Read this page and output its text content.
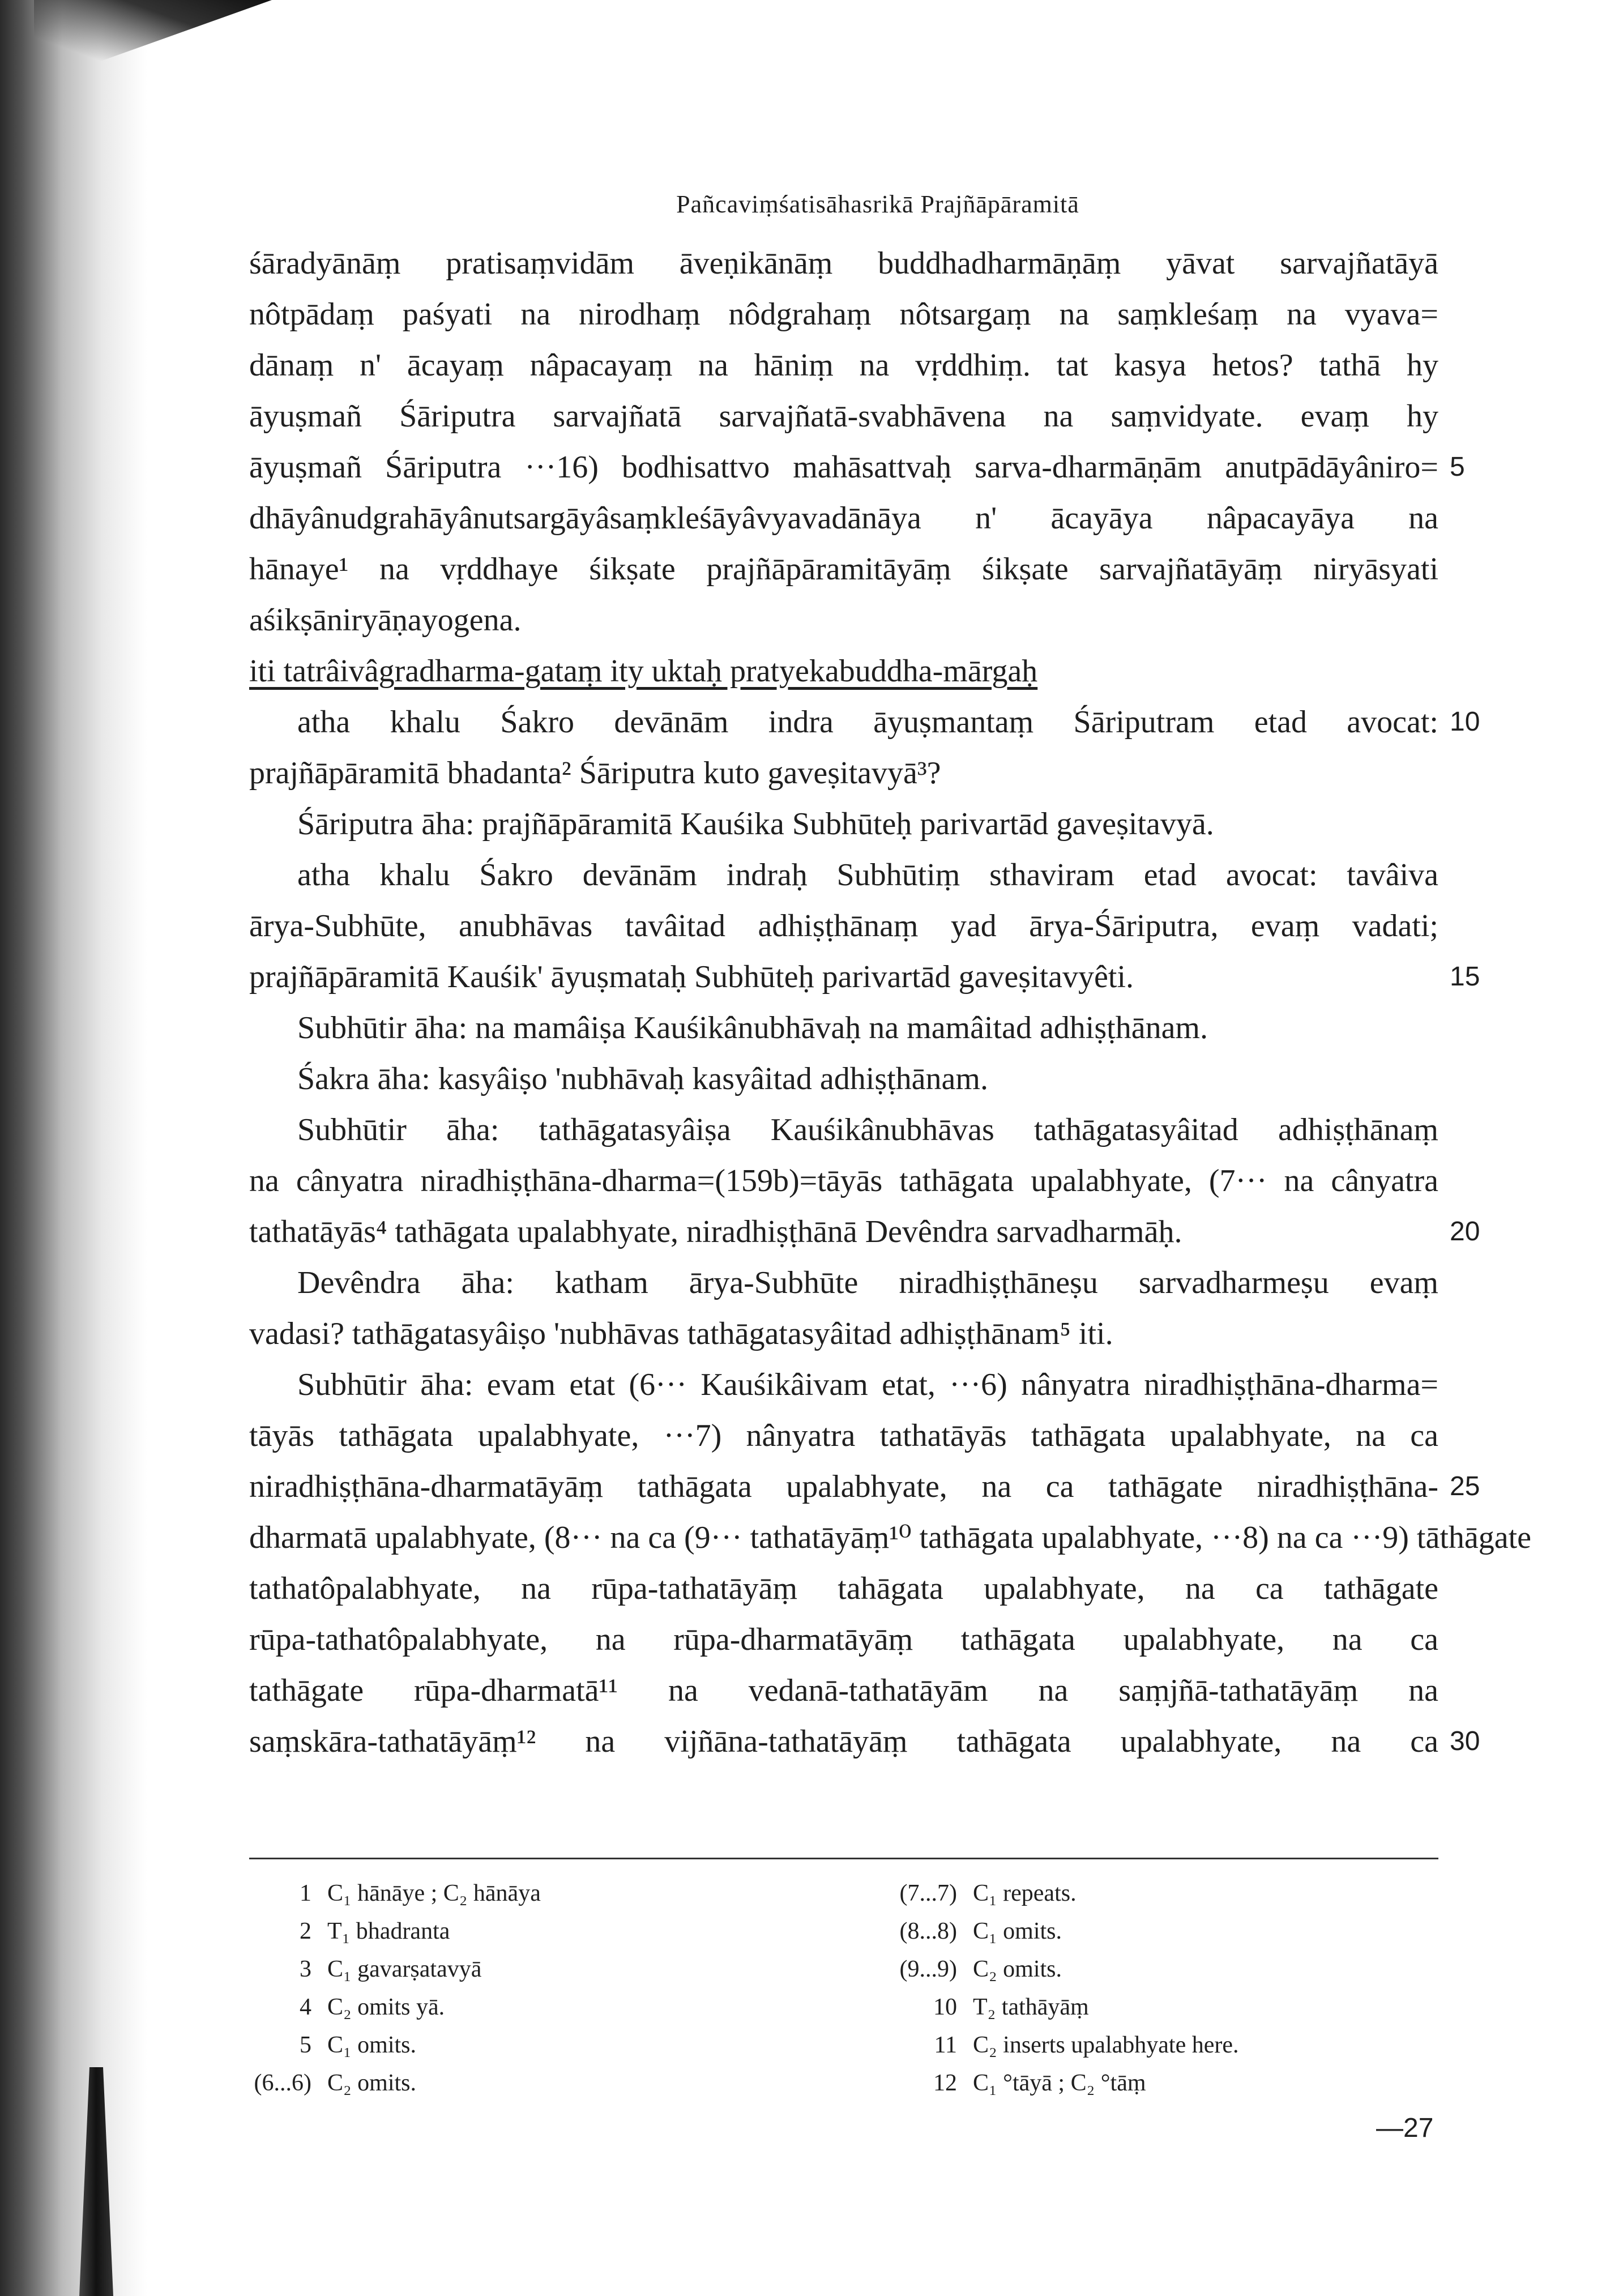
Pañcaviṃśatisāhasrikā Prajñāpāramitā
śāradyānāṃ pratisaṃvidām āveṇikānāṃ buddhadharmāṇāṃ yāvat sarvajñatāyā
nôtpādaṃ paśyati na nirodhaṃ nôdgrahaṃ nôtsargaṃ na saṃkleśaṃ na vyava=
dānaṃ n' ācayaṃ nâpacayaṃ na hāniṃ na vṛddhiṃ. tat kasya hetos? tathā hy
āyuṣmañ Śāriputra sarvajñatā sarvajñatā-svabhāvena na saṃvidyate. evaṃ hy
āyuṣmañ Śāriputra ···16) bodhisattvo mahāsattvaḥ sarva-dharmāṇām anutpādāyâniro= 5
dhāyânudgrahāyânutsargāyâsaṃkleśāyâvyavadānāya n' ācayāya nâpacayāya na
hānaye¹ na vṛddhaye śikṣate prajñāpāramitāyāṃ śikṣate sarvajñatāyāṃ niryāsyati
aśikṣāniryāṇayogena.
iti tatrâivâgradharma-gataṃ ity uktaḥ pratyekabuddha-mārgaḥ
atha khalu Śakro devānām indra āyuṣmantaṃ Śāriputram etad avocat: 10
prajñāpāramitā bhadanta² Śāriputra kuto gaveṣitavyā³?
Śāriputra āha: prajñāpāramitā Kauśika Subhūteḥ parivartād gaveṣitavyā.
atha khalu Śakro devānām indraḥ Subhūtiṃ sthaviram etad avocat: tavâiva
ārya-Subhūte, anubhāvas tavâitad adhiṣṭhānaṃ yad ārya-Śāriputra, evaṃ vadati;
prajñāpāramitā Kauśik' āyuṣmataḥ Subhūteḥ parivartād gaveṣitavyêti.	15
Subhūtir āha: na mamâiṣa Kauśikânubhāvaḥ na mamâitad adhiṣṭhānam.
Śakra āha: kasyâiṣo 'nubhāvaḥ kasyâitad adhiṣṭhānam.
Subhūtir āha: tathāgatasyâiṣa Kauśikânubhāvas tathāgatasyâitad adhiṣṭhānaṃ
na cânyatra niradhiṣṭhāna-dharma=(159b)=tāyās tathāgata upalabhyate, (7··· na cânyatra
tathatāyās⁴ tathāgata upalabhyate, niradhiṣṭhānā Devêndra sarvadharmāḥ.	20
Devêndra āha: katham ārya-Subhūte niradhiṣṭhāneṣu sarvadharmeṣu evaṃ
vadasi? tathāgatasyâiṣo 'nubhāvas tathāgatasyâitad adhiṣṭhānam⁵ iti.
Subhūtir āha: evam etat (6··· Kauśikâivam etat, ···6) nânyatra niradhiṣṭhāna-dharma=
tāyās tathāgata upalabhyate, ···7) nânyatra tathatāyās tathāgata upalabhyate, na ca
niradhiṣṭhāna-dharmatāyāṃ tathāgata upalabhyate, na ca tathāgate niradhiṣṭhāna- 25
dharmatā upalabhyate, (8··· na ca (9··· tathatāyāṃ¹⁰ tathāgata upalabhyate, ···8) na ca ···9) tāthāgate
tathatôpalabhyate, na rūpa-tathatāyāṃ tahāgata upalabhyate, na ca tathāgate
rūpa-tathatôpalabhyate, na rūpa-dharmatāyāṃ tathāgata upalabhyate, na ca
tathāgate rūpa-dharmatā¹¹ na vedanā-tathatāyām na saṃjñā-tathatāyāṃ na
saṃskāra-tathatāyāṃ¹² na vijñāna-tathatāyāṃ tathāgata upalabhyate, na ca 30
1 C₁ hānāye ; C₂ hānāya
2 T₁ bhadranta
3 C₁ gavarṣatavyā
4 C₂ omits yā.
5 C₁ omits.
(6...6) C₂ omits.
(7...7) C₁ repeats.
(8...8) C₁ omits.
(9...9) C₂ omits.
10 T₂ tathāyāṃ
11 C₂ inserts upalabhyate here.
12 C₁ °tāyā ; C₂ °tāṃ
—27
